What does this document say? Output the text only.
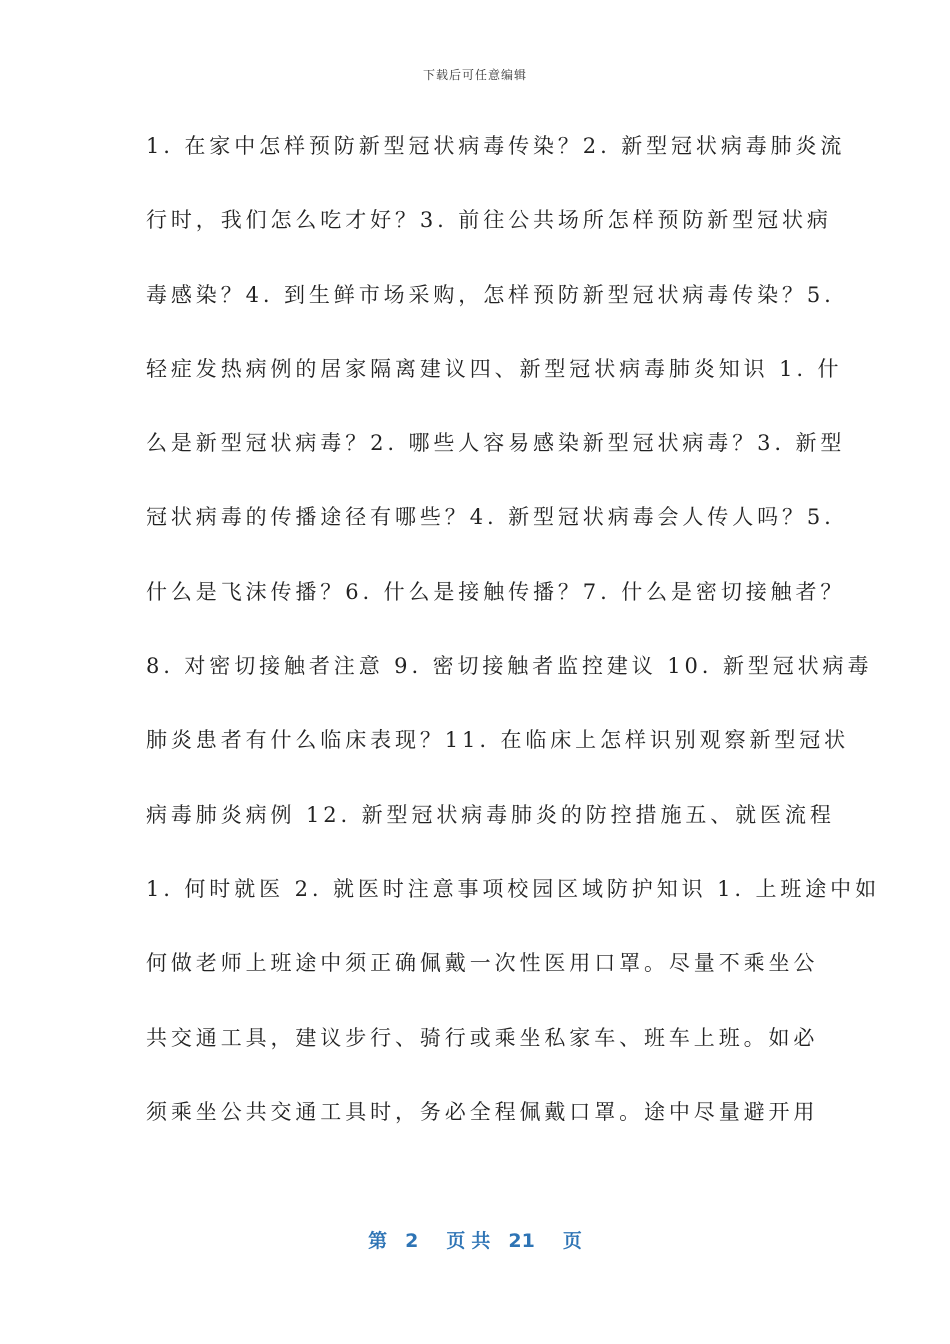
下载后可任意编辑
1. 在家中怎样预防新型冠状病毒传染？2. 新型冠状病毒肺炎流
行时，我们怎么吃才好？3. 前往公共场所怎样预防新型冠状病
毒感染？4. 到生鲜市场采购，怎样预防新型冠状病毒传染？5.
轻症发热病例的居家隔离建议四、新型冠状病毒肺炎知识 1. 什
么是新型冠状病毒？2. 哪些人容易感染新型冠状病毒？3. 新型
冠状病毒的传播途径有哪些？4. 新型冠状病毒会人传人吗？5.
什么是飞沫传播？6. 什么是接触传播？7. 什么是密切接触者？
8. 对密切接触者注意 9. 密切接触者监控建议 10. 新型冠状病毒
肺炎患者有什么临床表现？11. 在临床上怎样识别观察新型冠状
病毒肺炎病例 12. 新型冠状病毒肺炎的防控措施五、就医流程
1. 何时就医 2. 就医时注意事项校园区域防护知识 1. 上班途中如
何做老师上班途中须正确佩戴一次性医用口罩。尽量不乘坐公
共交通工具，建议步行、骑行或乘坐私家车、班车上班。如必
须乘坐公共交通工具时，务必全程佩戴口罩。途中尽量避开用
第 2 页 共 21 页
